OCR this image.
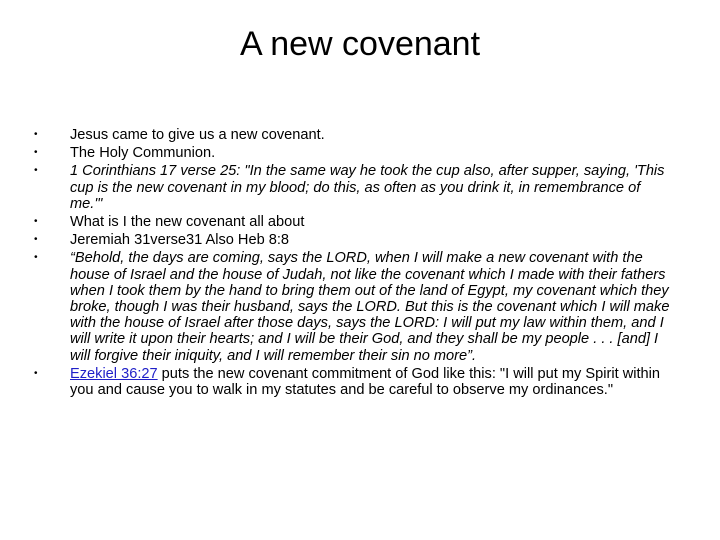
A new covenant
•	Jesus came to give us a new covenant.
•	The Holy Communion.
•	1 Corinthians 17 verse 25: "In the same way he took the cup also, after supper, saying, 'This cup is the new covenant in my blood; do this, as often as you drink it, in remembrance of me.'"
•	What is I the new covenant all about
•	Jeremiah 31verse31 Also Heb 8:8
•	“Behold, the days are coming, says the LORD, when I will make a new covenant with the house of Israel and the house of Judah, not like the covenant which I made with their fathers when I took them by the hand to bring them out of the land of Egypt, my covenant which they broke, though I was their husband, says the LORD. But this is the covenant which I will make with the house of Israel after those days, says the LORD: I will put my law within them, and I will write it upon their hearts; and I will be their God, and they shall be my people . . . [and] I will forgive their iniquity, and I will remember their sin no more”.
•	Ezekiel 36:27 puts the new covenant commitment of God like this: "I will put my Spirit within you and cause you to walk in my statutes and be careful to observe my ordinances."
